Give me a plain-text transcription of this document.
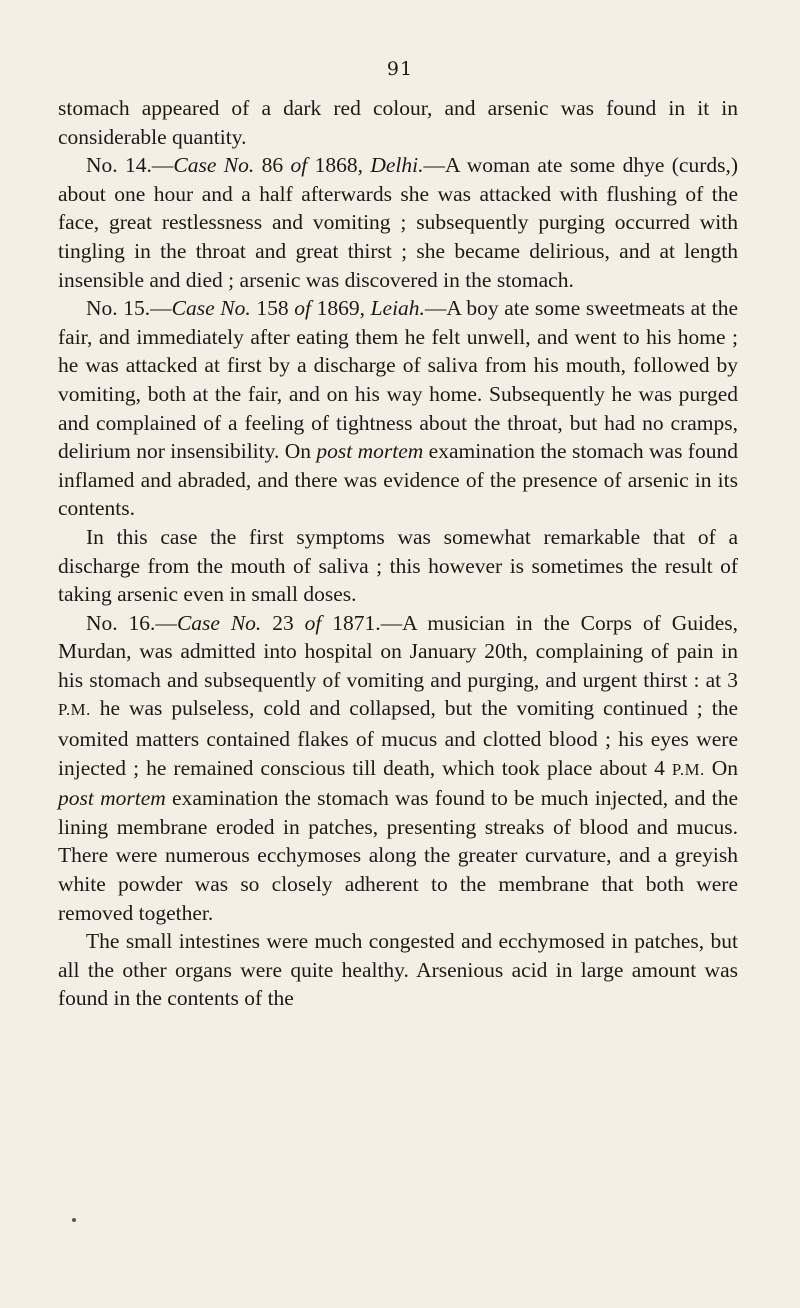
91

stomach appeared of a dark red colour, and arsenic was found in it in considerable quantity.

No. 14.—Case No. 86 of 1868, Delhi.—A woman ate some dhye (curds,) about one hour and a half afterwards she was attacked with flushing of the face, great restlessness and vomiting ; subsequently purging occurred with tingling in the throat and great thirst ; she became delirious, and at length insensible and died ; arsenic was discovered in the stomach.

No. 15.—Case No. 158 of 1869, Leiah.—A boy ate some sweetmeats at the fair, and immediately after eating them he felt unwell, and went to his home ; he was attacked at first by a discharge of saliva from his mouth, followed by vomiting, both at the fair, and on his way home. Subsequently he was purged and complained of a feeling of tightness about the throat, but had no cramps, delirium nor insensibility. On post mortem examination the stomach was found inflamed and abraded, and there was evidence of the presence of arsenic in its contents.

In this case the first symptoms was somewhat remarkable that of a discharge from the mouth of saliva ; this however is sometimes the result of taking arsenic even in small doses.

No. 16.—Case No. 23 of 1871.—A musician in the Corps of Guides, Murdan, was admitted into hospital on January 20th, complaining of pain in his stomach and subsequently of vomiting and purging, and urgent thirst : at 3 P.M. he was pulseless, cold and collapsed, but the vomiting continued ; the vomited matters contained flakes of mucus and clotted blood ; his eyes were injected ; he remained conscious till death, which took place about 4 P.M. On post mortem examination the stomach was found to be much injected, and the lining membrane eroded in patches, presenting streaks of blood and mucus. There were numerous ecchymoses along the greater curvature, and a greyish white powder was so closely adherent to the membrane that both were removed together.

The small intestines were much congested and ecchymosed in patches, but all the other organs were quite healthy. Arsenious acid in large amount was found in the contents of the
